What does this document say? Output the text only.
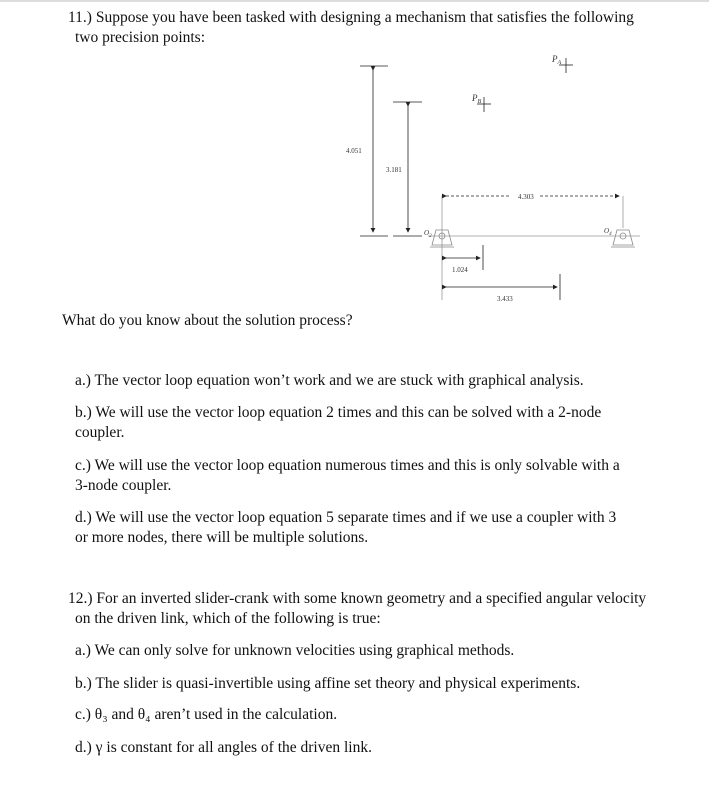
11.) Suppose you have been tasked with designing a mechanism that satisfies the following
two precision points:
4.051
3.181
4.303
1.024
3.433
$P_B$
$P_A$
$O_2$
$O_4$
What do you know about the solution process?
a.) The vector loop equation won’t work and we are stuck with graphical analysis.
b.) We will use the vector loop equation 2 times and this can be solved with a 2-node
coupler.
c.) We will use the vector loop equation numerous times and this is only solvable with a
3-node coupler.
d.) We will use the vector loop equation 5 separate times and if we use a coupler with 3
or more nodes, there will be multiple solutions.
12.) For an inverted slider-crank with some known geometry and a specified angular velocity
on the driven link, which of the following is true:
a.) We can only solve for unknown velocities using graphical methods.
b.) The slider is quasi-invertible using affine set theory and physical experiments.
c.) θ₃ and θ₄ aren’t used in the calculation.
d.) γ is constant for all angles of the driven link.
